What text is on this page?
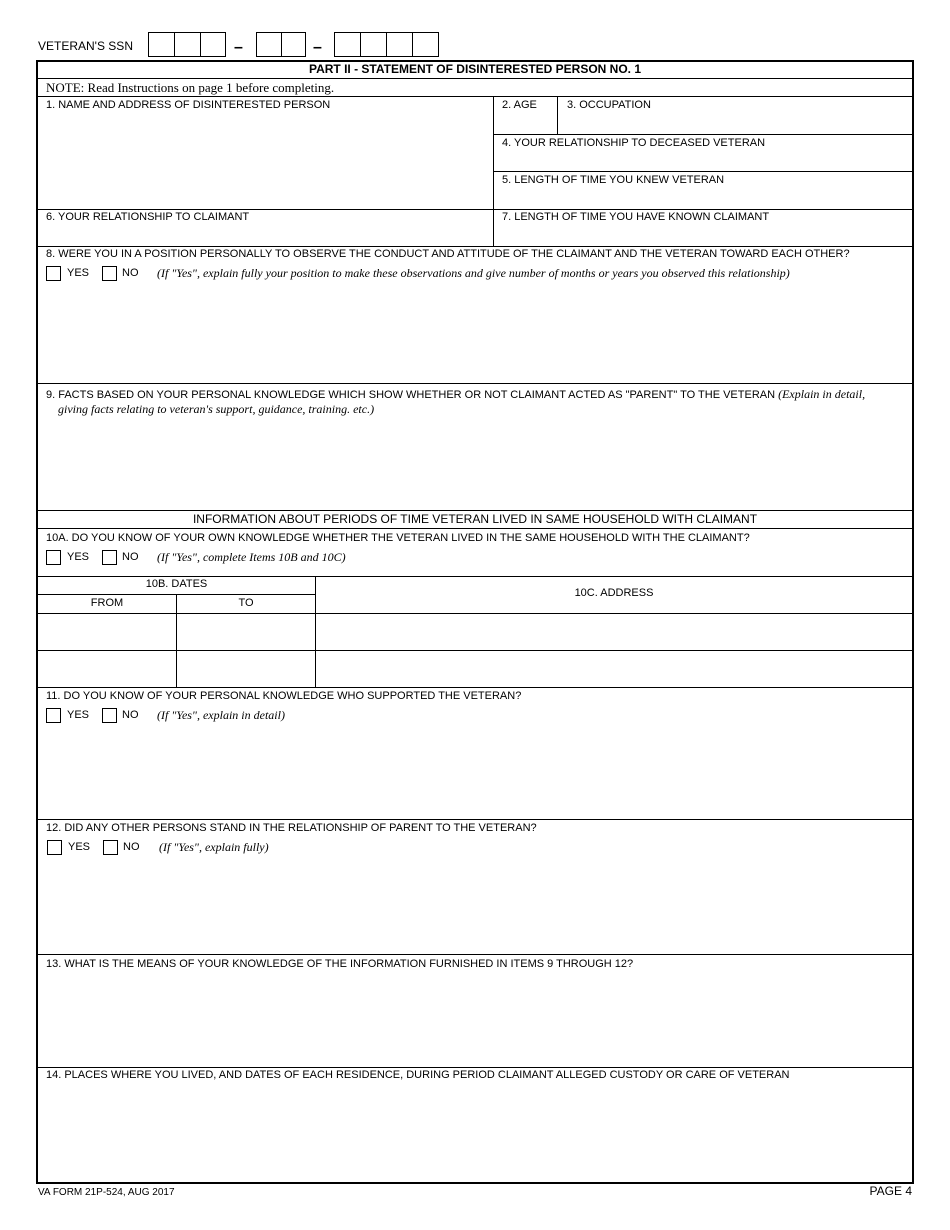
VETERAN'S SSN	–	–
PART II - STATEMENT OF DISINTERESTED PERSON NO. 1
NOTE: Read Instructions on page 1 before completing.
1. NAME AND ADDRESS OF DISINTERESTED PERSON	2. AGE	3. OCCUPATION
4. YOUR RELATIONSHIP TO DECEASED VETERAN
5. LENGTH OF TIME YOU KNEW VETERAN
6. YOUR RELATIONSHIP TO CLAIMANT	7. LENGTH OF TIME YOU HAVE KNOWN CLAIMANT
8. WERE YOU IN A POSITION PERSONALLY TO OBSERVE THE CONDUCT AND ATTITUDE OF THE CLAIMANT AND THE VETERAN TOWARD EACH OTHER?
YES	NO (If "Yes", explain fully your position to make these observations and give number of months or years you observed this relationship)
9. FACTS BASED ON YOUR PERSONAL KNOWLEDGE WHICH SHOW WHETHER OR NOT CLAIMANT ACTED AS "PARENT" TO THE VETERAN (Explain in detail,
giving facts relating to veteran's support, guidance, training. etc.)
INFORMATION ABOUT PERIODS OF TIME VETERAN LIVED IN SAME HOUSEHOLD WITH CLAIMANT
10A. DO YOU KNOW OF YOUR OWN KNOWLEDGE WHETHER THE VETERAN LIVED IN THE SAME HOUSEHOLD WITH THE CLAIMANT?
YES	NO (If "Yes", complete Items 10B and 10C)
10B. DATES
FROM	TO
10C. ADDRESS
11. DO YOU KNOW OF YOUR PERSONAL KNOWLEDGE WHO SUPPORTED THE VETERAN?
YES	NO (If "Yes", explain in detail)
12. DID ANY OTHER PERSONS STAND IN THE RELATIONSHIP OF PARENT TO THE VETERAN?
YES	NO (If "Yes", explain fully)
13. WHAT IS THE MEANS OF YOUR KNOWLEDGE OF THE INFORMATION FURNISHED IN ITEMS 9 THROUGH 12?
14. PLACES WHERE YOU LIVED, AND DATES OF EACH RESIDENCE, DURING PERIOD CLAIMANT ALLEGED CUSTODY OR CARE OF VETERAN
VA FORM 21P-524, AUG 2017	PAGE 4
